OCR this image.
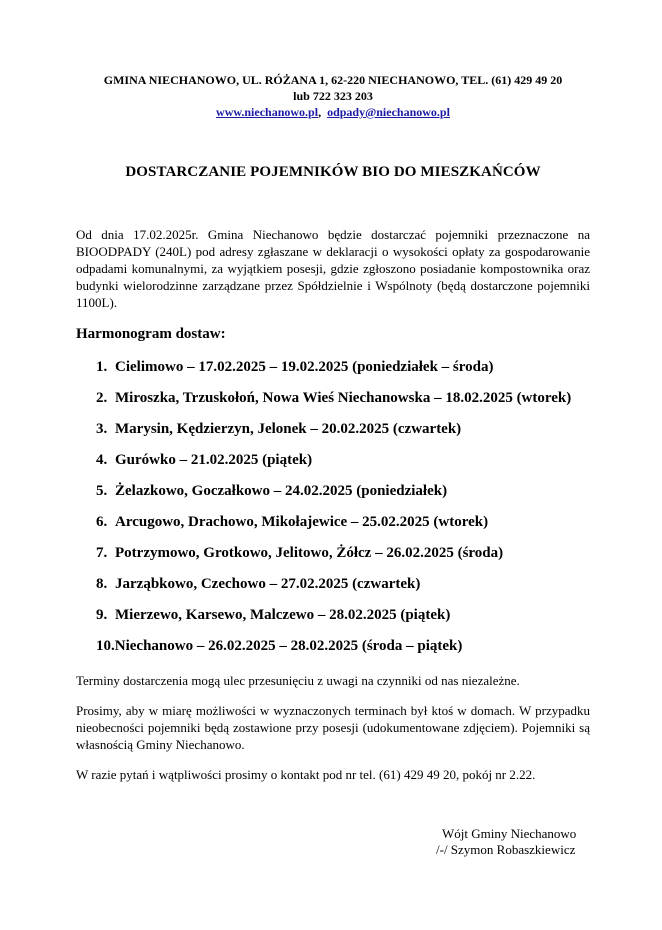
GMINA NIECHANOWO, UL. RÓŻANA 1, 62-220 NIECHANOWO, TEL. (61) 429 49 20
lub 722 323 203
www.niechanowo.pl, odpady@niechanowo.pl
DOSTARCZANIE POJEMNIKÓW BIO DO MIESZKAŃCÓW
Od dnia 17.02.2025r. Gmina Niechanowo będzie dostarczać pojemniki przeznaczone na BIOODPADY (240L) pod adresy zgłaszane w deklaracji o wysokości opłaty za gospodarowanie odpadami komunalnymi, za wyjątkiem posesji, gdzie zgłoszono posiadanie kompostownika oraz budynki wielorodzinne zarządzane przez Spółdzielnie i Wspólnoty (będą dostarczone pojemniki 1100L).
Harmonogram dostaw:
1. Cielimowo – 17.02.2025 – 19.02.2025 (poniedziałek – środa)
2. Miroszka, Trzuskołoń, Nowa Wieś Niechanowska – 18.02.2025 (wtorek)
3. Marysin, Kędzierzyn, Jelonek – 20.02.2025 (czwartek)
4. Gurówko – 21.02.2025 (piątek)
5. Żelazkowo, Goczałkowo – 24.02.2025 (poniedziałek)
6. Arcugowo, Drachowo, Mikołajewice – 25.02.2025 (wtorek)
7. Potrzymowo, Grotkowo, Jelitowo, Żółcz – 26.02.2025 (środa)
8. Jarząbkowo, Czechowo – 27.02.2025 (czwartek)
9. Mierzewo, Karsewo, Malczewo – 28.02.2025 (piątek)
10. Niechanowo – 26.02.2025 – 28.02.2025 (środa – piątek)

Terminy dostarczenia mogą ulec przesunięciu z uwagi na czynniki od nas niezależne.

Prosimy, aby w miarę możliwości w wyznaczonych terminach był ktoś w domach. W przypadku nieobecności pojemniki będą zostawione przy posesji (udokumentowane zdjęciem). Pojemniki są własnością Gminy Niechanowo.

W razie pytań i wątpliwości prosimy o kontakt pod nr tel. (61) 429 49 20, pokój nr 2.22.

Wójt Gminy Niechanowo
/-/ Szymon Robaszkiewicz
